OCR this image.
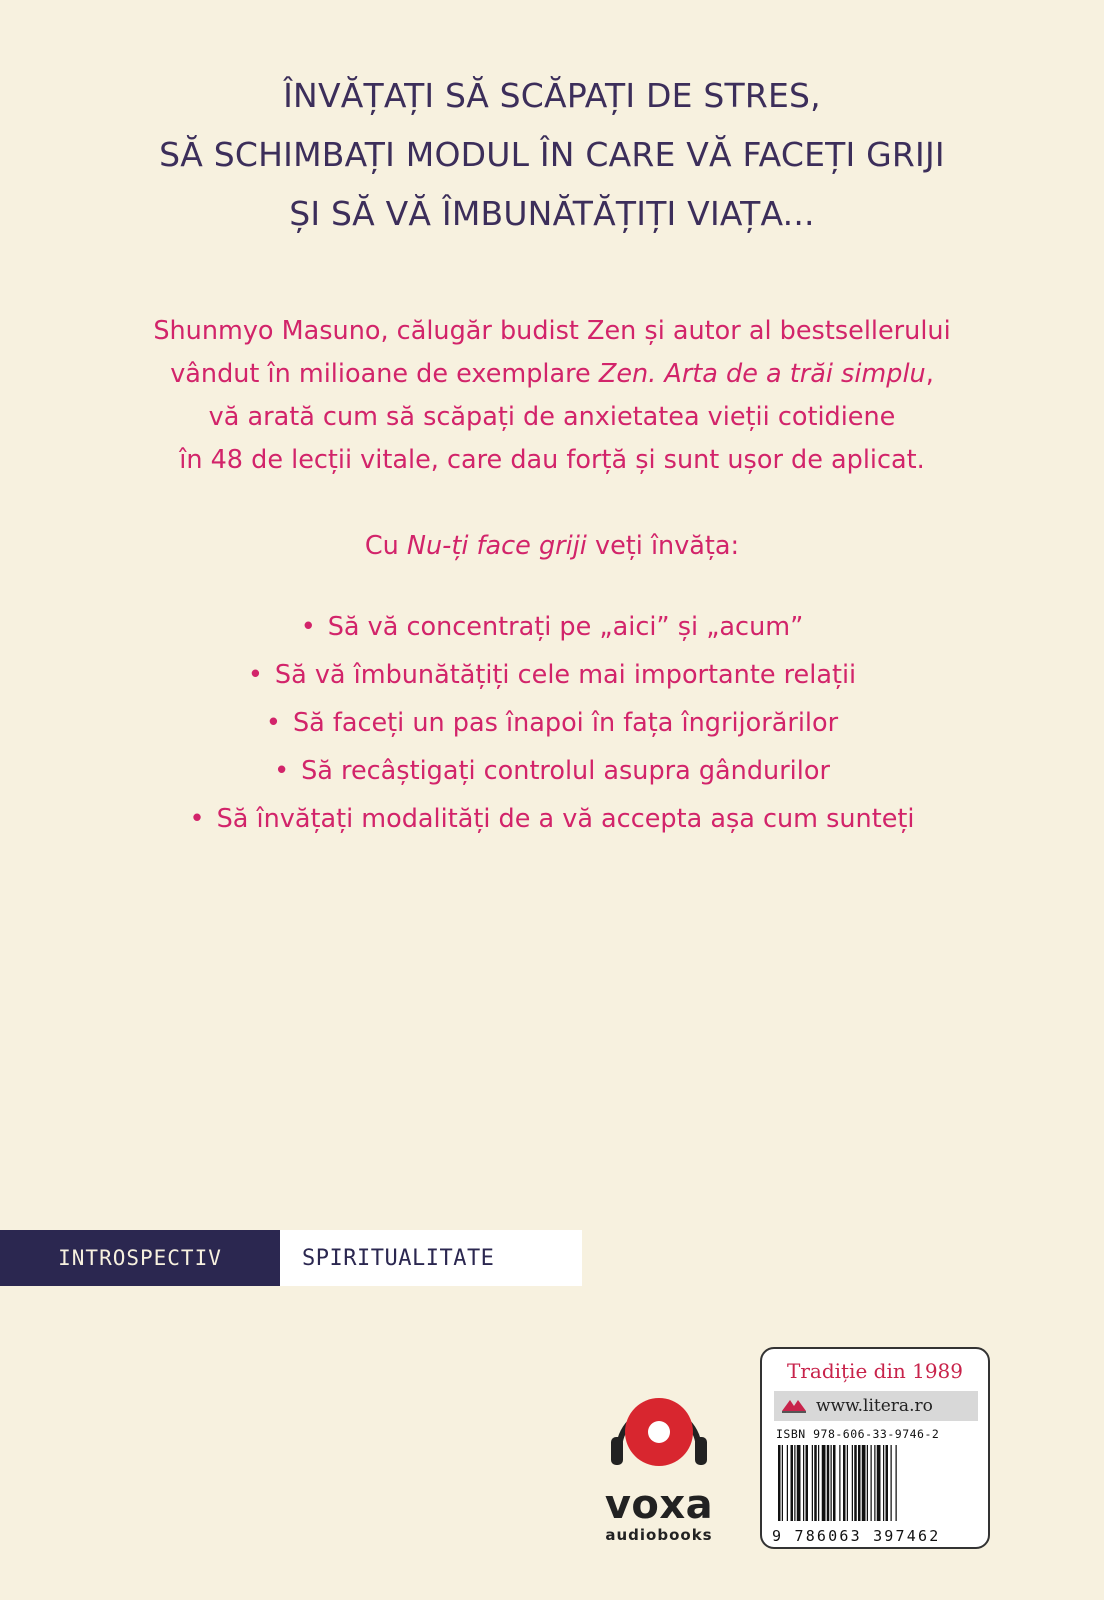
ÎNVĂȚAȚI SĂ SCĂPAȚI DE STRES,
SĂ SCHIMBAȚI MODUL ÎN CARE VĂ FACEȚI GRIJI
ȘI SĂ VĂ ÎMBUNĂTĂȚIȚI VIAȚA...
Shunmyo Masuno, călugăr budist Zen și autor al bestsellerului
vândut în milioane de exemplare Zen. Arta de a trăi simplu,
vă arată cum să scăpați de anxietatea vieții cotidiene
în 48 de lecții vitale, care dau forță și sunt ușor de aplicat.
Cu Nu-ți face griji veți învăța:
• Să vă concentrați pe „aici” și „acum”
• Să vă îmbunătățiți cele mai importante relații
• Să faceți un pas înapoi în fața îngrijorărilor
• Să recâștigați controlul asupra gândurilor
• Să învățați modalități de a vă accepta așa cum sunteți
INTROSPECTIV	SPIRITUALITATE
voxa
audiobooks
Tradiție din 1989
www.litera.ro
ISBN 978-606-33-9746-2
9 786063 397462
